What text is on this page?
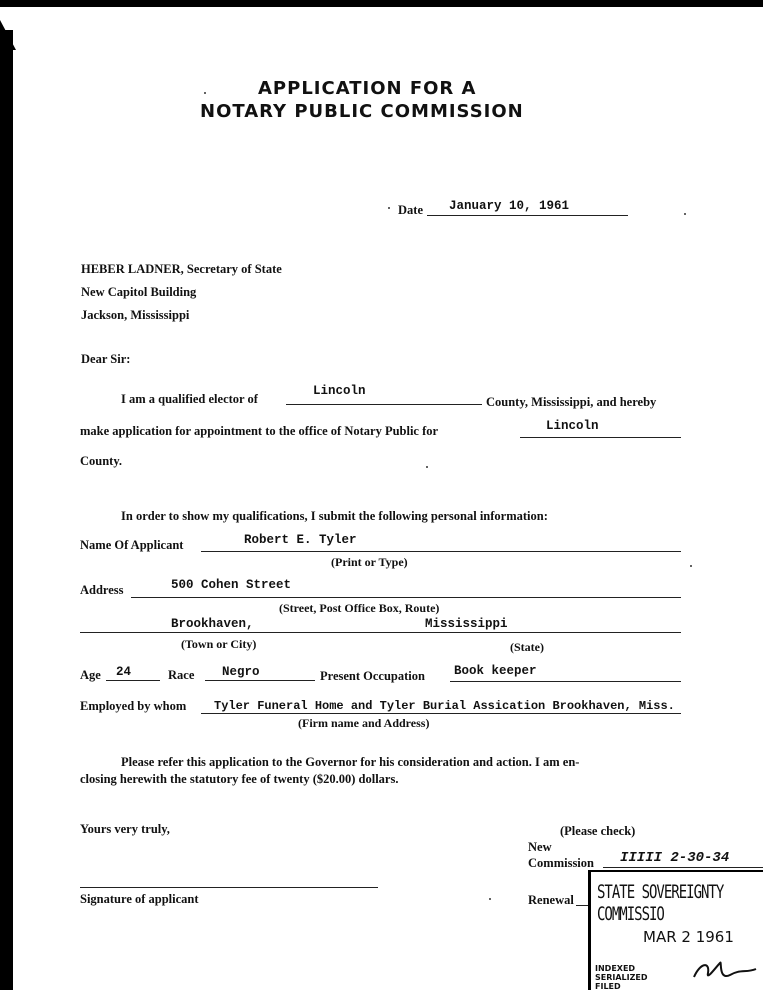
APPLICATION FOR A
NOTARY PUBLIC COMMISSION
Date January 10, 1961
HEBER LADNER, Secretary of State
New Capitol Building
Jackson, Mississippi
Dear Sir:
I am a qualified elector of
Lincoln
County, Mississippi, and hereby
make application for appointment to the office of Notary Public for	Lincoln
County.
In order to show my qualifications, I submit the following personal information:
Name Of Applicant	Robert E. Tyler
(Print or Type)
Address	500 Cohen Street
(Street, Post Office Box, Route)
Brookhaven,	Mississippi
(Town or City)	(State)
Age 24	Race Negro	Present Occupation Book keeper
Employed by whom Tyler Funeral Home and Tyler Burial Assication Brookhaven, Miss.
(Firm name and Address)
Please refer this application to the Governor for his consideration and action. I am en-
closing herewith the statutory fee of twenty ($20.00) dollars.
Yours very truly,
Signature of applicant
(Please check)
New
Commission IIIII 2-30-34
Renewal STATE SOVEREIGNTY COMMISSIO
MAR 2 1961
INDEXED
SERIALIZED
FILED
